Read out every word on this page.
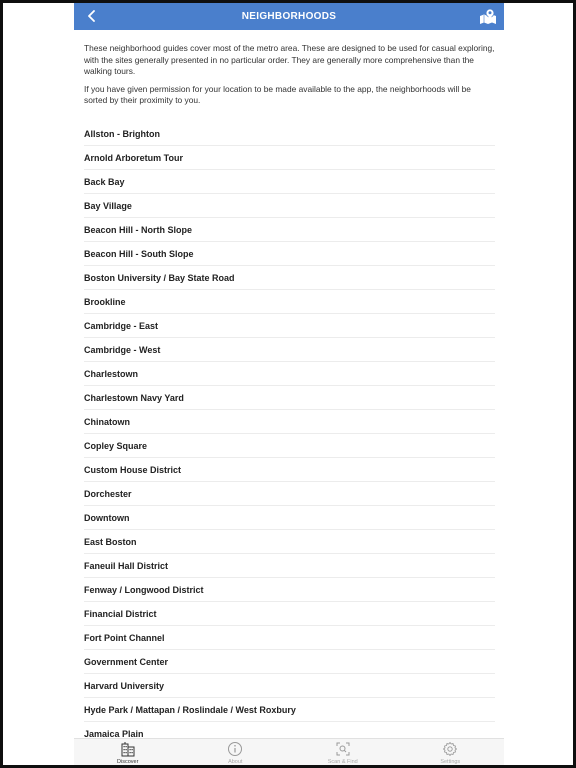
NEIGHBORHOODS

These neighborhood guides cover most of the metro area. These are designed to be used for casual exploring, with the sites generally presented in no particular order. They are generally more comprehensive than the walking tours.

If you have given permission for your location to be made available to the app, the neighborhoods will be sorted by their proximity to you.

Allston - Brighton
Arnold Arboretum Tour
Back Bay
Bay Village
Beacon Hill - North Slope
Beacon Hill - South Slope
Boston University / Bay State Road
Brookline
Cambridge - East
Cambridge - West
Charlestown
Charlestown Navy Yard
Chinatown
Copley Square
Custom House District
Dorchester
Downtown
East Boston
Faneuil Hall District
Fenway / Longwood District
Financial District
Fort Point Channel
Government Center
Harvard University
Hyde Park / Mattapan / Roslindale / West Roxbury
Jamaica Plain
Discover	About	Scan & Find	Settings
